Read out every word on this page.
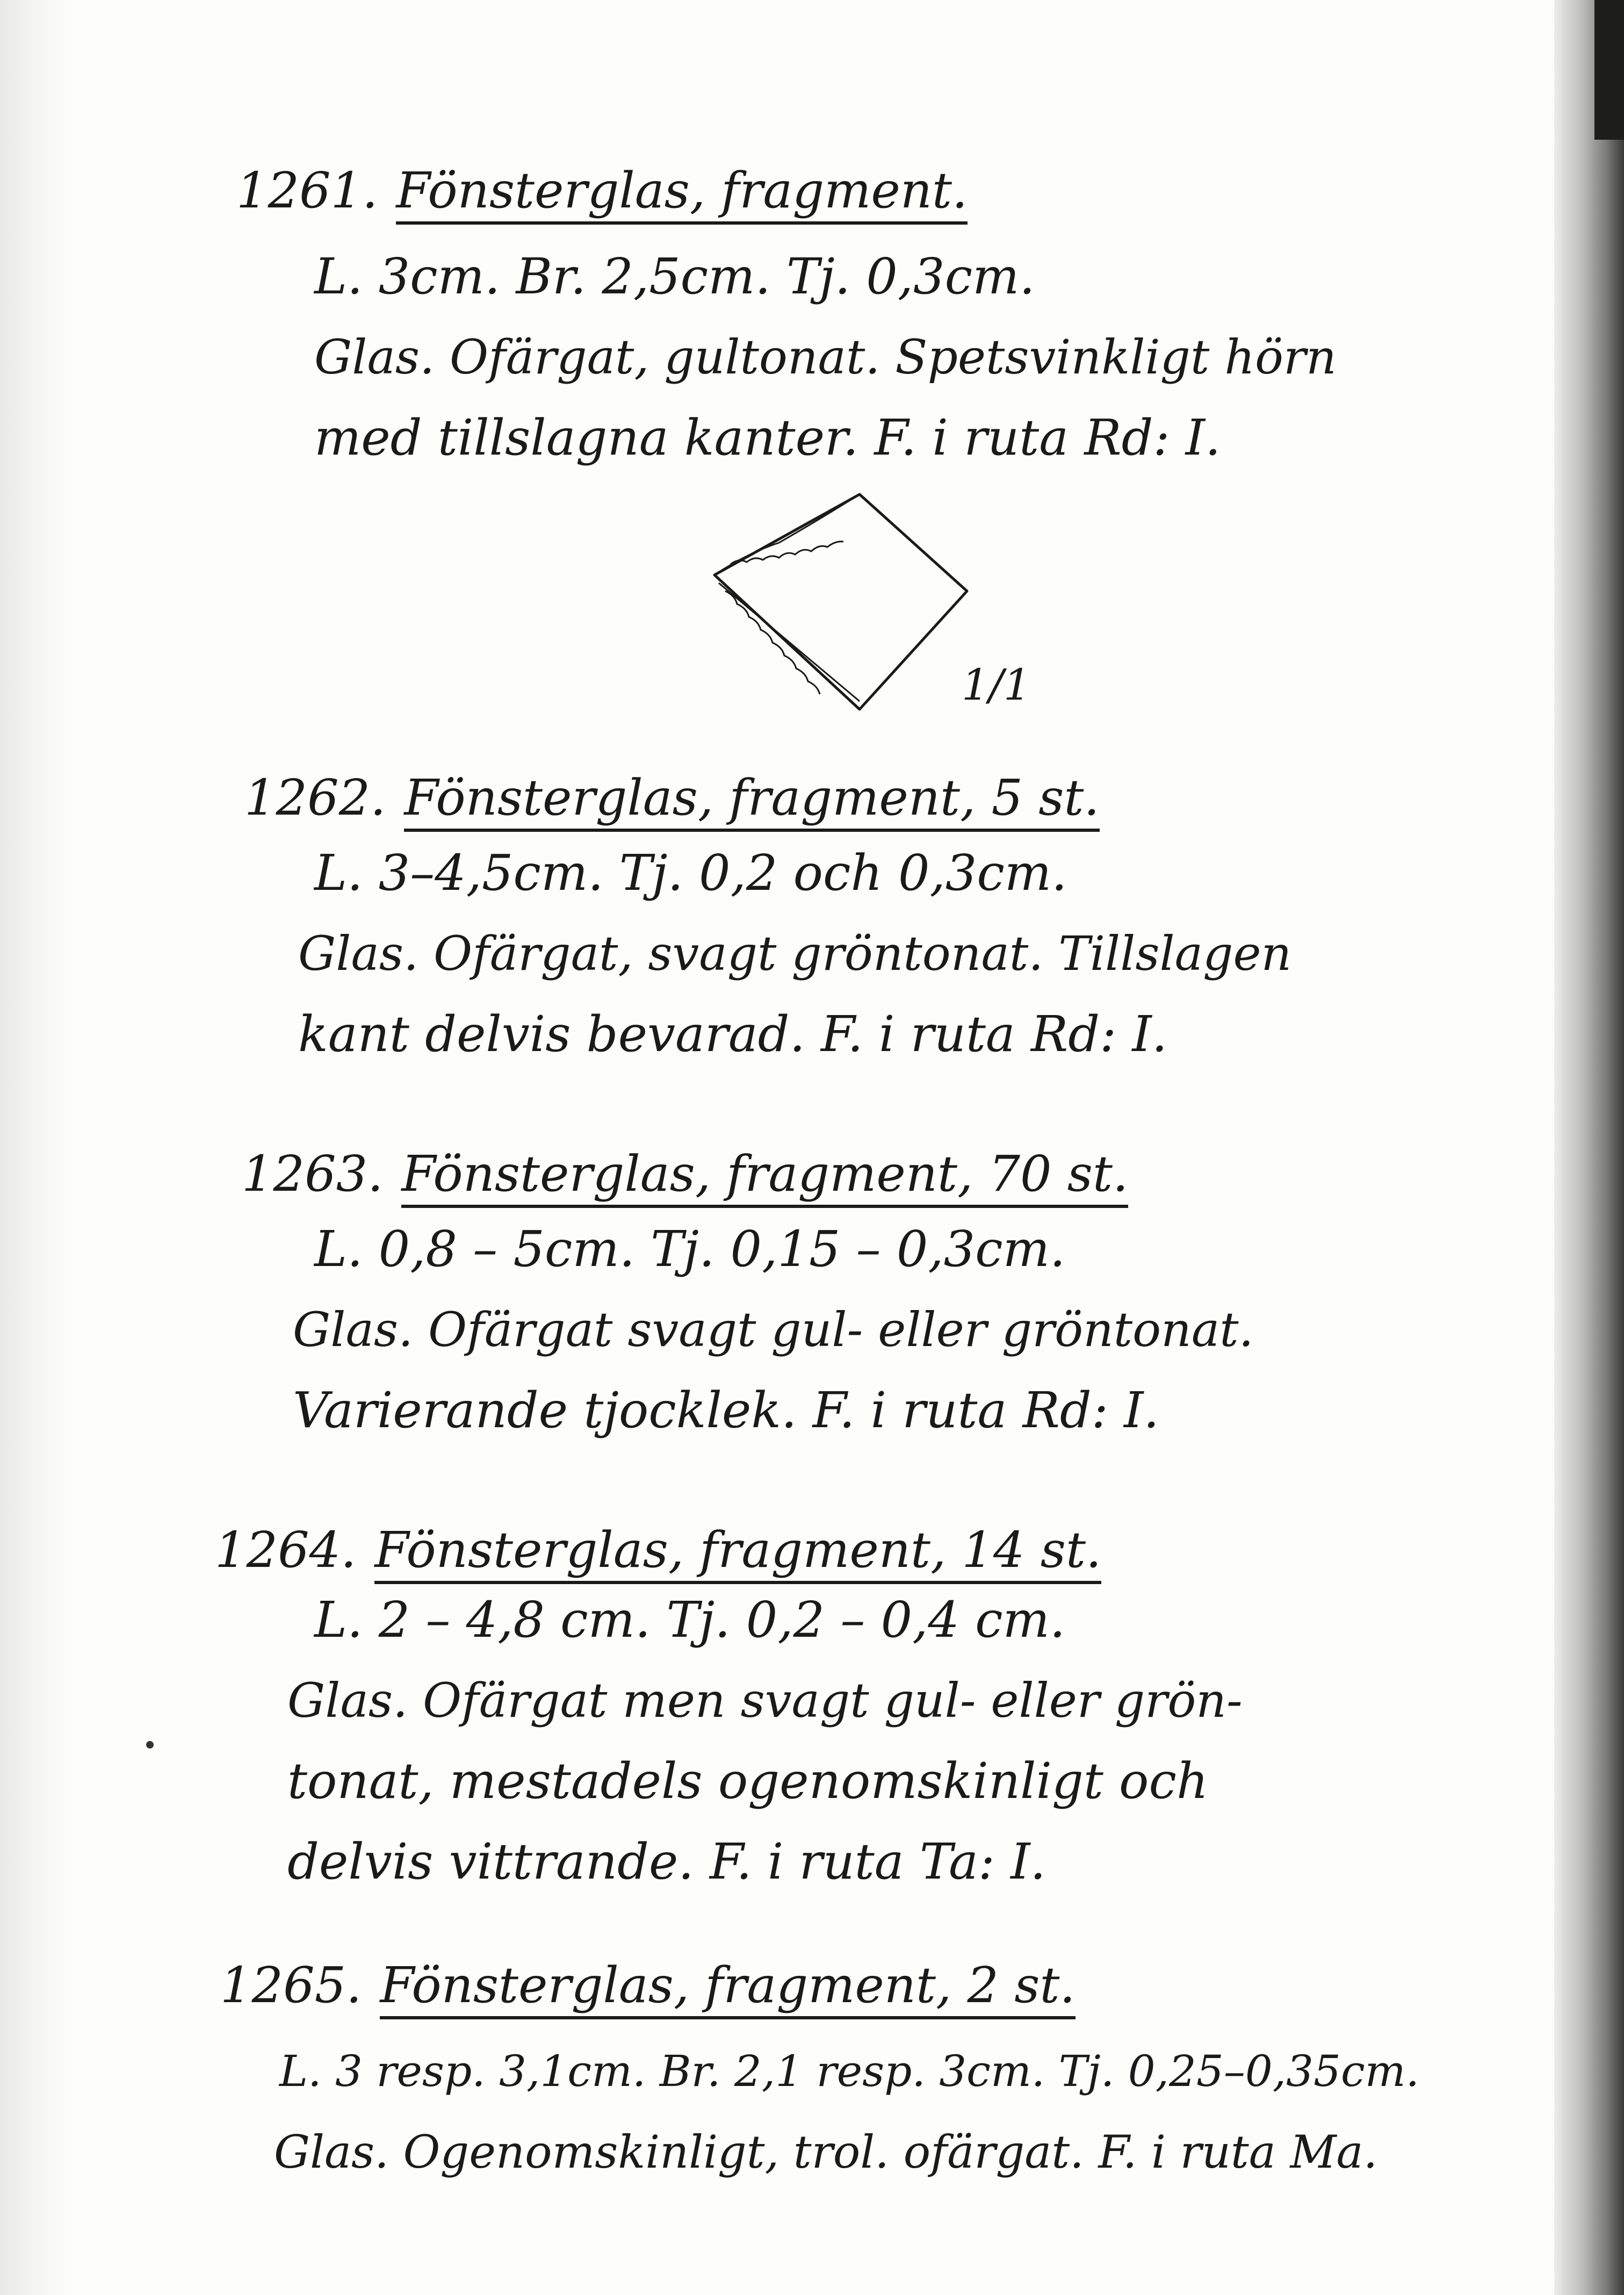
1261. Fönsterglas, fragment.
L. 3cm. Br. 2,5cm. Tj. 0,3cm.
Glas. Ofärgat, gultonat. Spetsvinkligt hörn
med tillslagna kanter. F. i ruta Rd: I.
1/1
1262. Fönsterglas, fragment, 5 st.
L. 3–4,5cm. Tj. 0,2 och 0,3cm.
Glas. Ofärgat, svagt gröntonat. Tillslagen
kant delvis bevarad. F. i ruta Rd: I.
1263. Fönsterglas, fragment, 70 st.
L. 0,8 – 5cm. Tj. 0,15 – 0,3cm.
Glas. Ofärgat svagt gul- eller gröntonat.
Varierande tjocklek. F. i ruta Rd: I.
1264. Fönsterglas, fragment, 14 st.
L. 2 – 4,8 cm. Tj. 0,2 – 0,4 cm.
Glas. Ofärgat men svagt gul- eller grön-
tonat, mestadels ogenomskinligt och
delvis vittrande. F. i ruta Ta: I.
1265. Fönsterglas, fragment, 2 st.
L. 3 resp. 3,1cm. Br. 2,1 resp. 3cm. Tj. 0,25–0,35cm.
Glas. Ogenomskinligt, trol. ofärgat. F. i ruta Ma.
